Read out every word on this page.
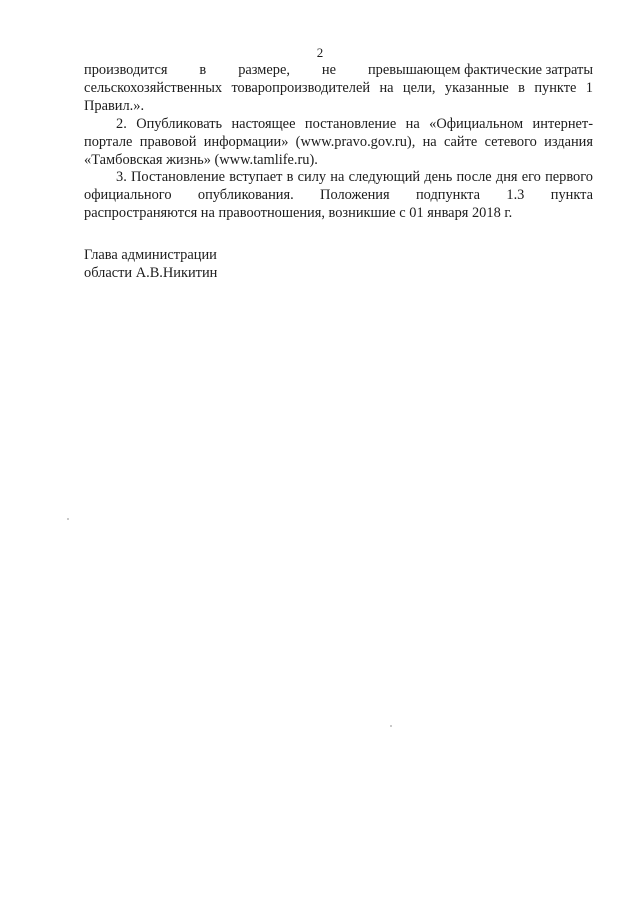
2

производится в размере, не превышающем фактические затраты

сельскохозяйственных товаропроизводителей на цели, указанные в пункте 1 Правил.».

2. Опубликовать настоящее постановление на «Официальном интернет-портале правовой информации» (www.pravo.gov.ru), на сайте сетевого издания «Тамбовская жизнь» (www.tamlife.ru).

3. Постановление вступает в силу на следующий день после дня его первого официального опубликования. Положения подпункта 1.3 пункта распространяются на правоотношения, возникшие с 01 января 2018 г.

Глава администрации
области А.В.Никитин
